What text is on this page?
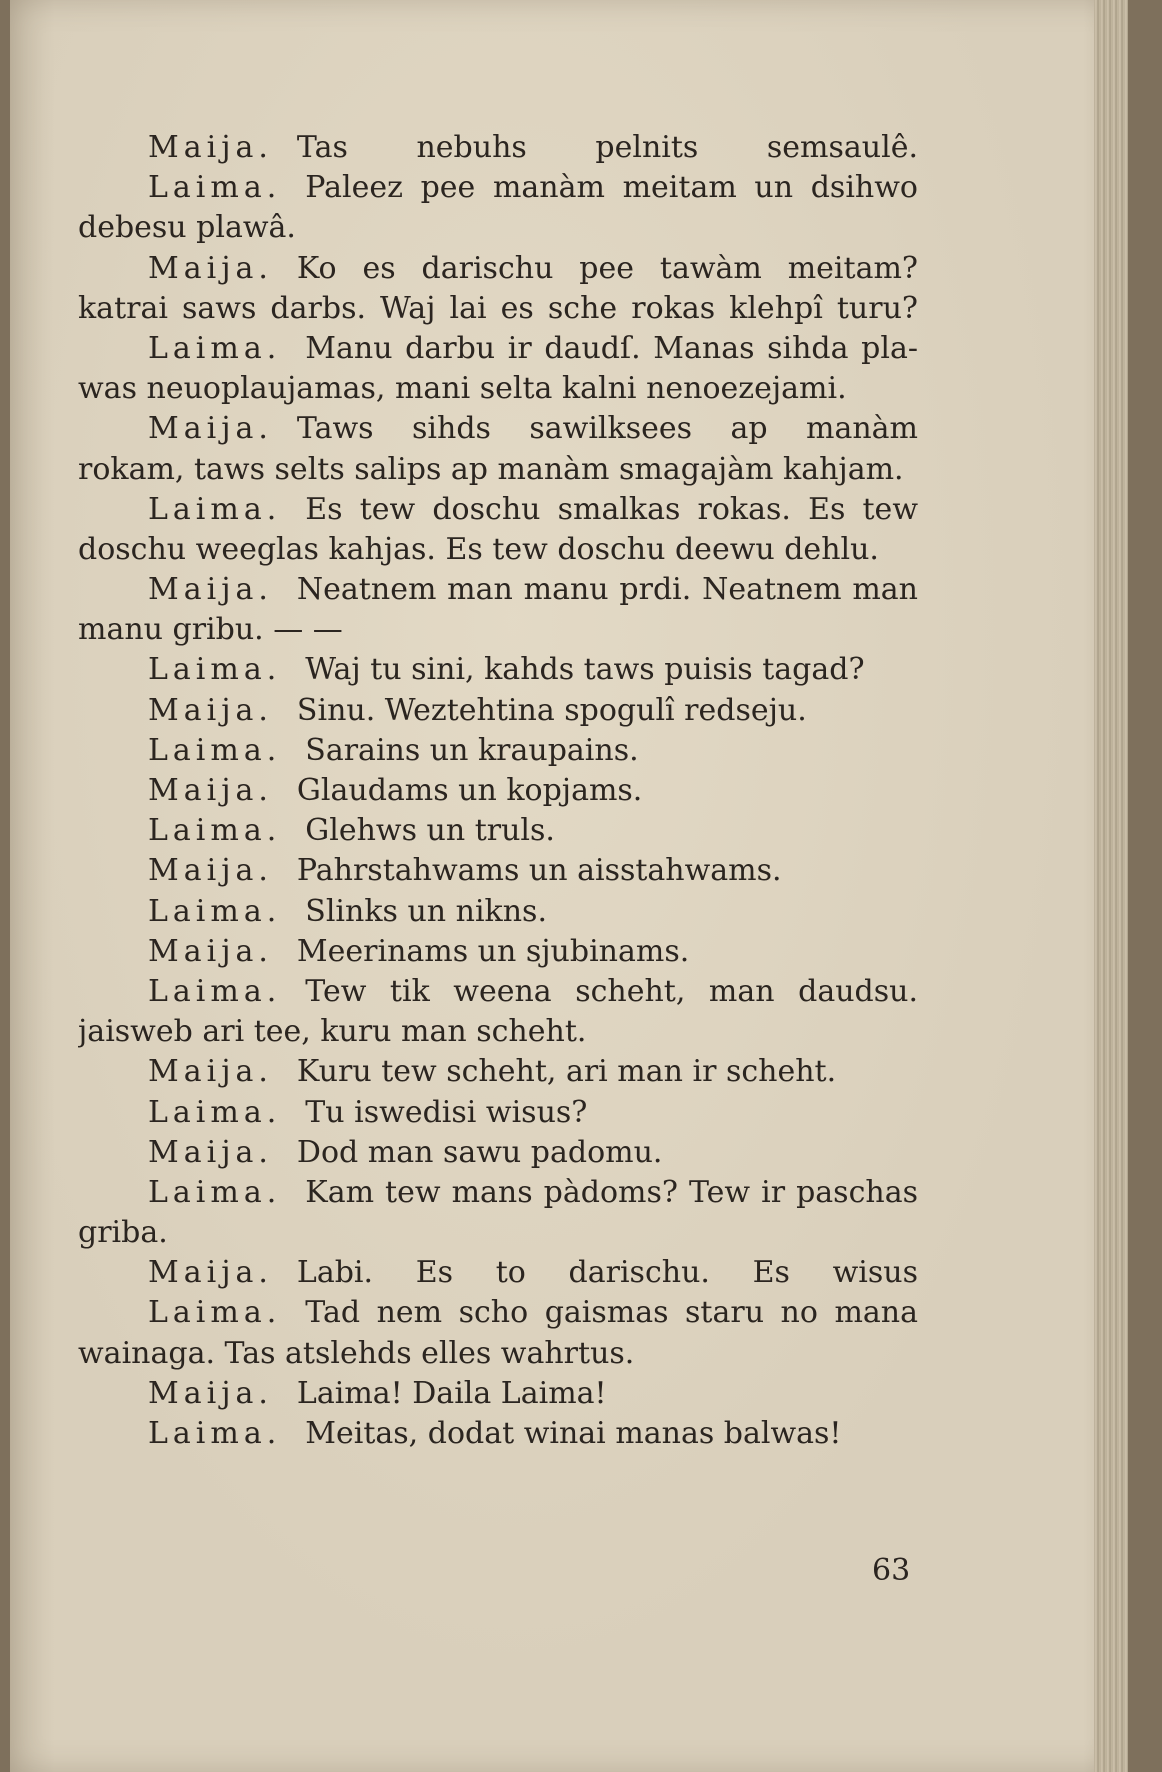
Maija. Tas nebuhs pelnits semsaulê.
Laima. Paleez pee manàm meitam un dsihwo
debesu plawâ.
Maija. Ko es darischu pee tawàm meitam?
katrai saws darbs. Waj lai es sche rokas klehpî turu?
Laima. Manu darbu ir daudſ. Manas sihda pla-
was neuoplaujamas, mani selta kalni nenoezejami.
Maija. Taws sihds sawilksees ap manàm
rokam, taws selts salips ap manàm smagajàm kahjam.
Laima. Es tew doschu smalkas rokas. Es tew
doschu weeglas kahjas. Es tew doschu deewu dehlu.
Maija. Neatnem man manu prdi. Neatnem man
manu gribu. — —
Laima. Waj tu sini, kahds taws puisis tagad?
Maija. Sinu. Weztehtina spogulî redseju.
Laima. Sarains un kraupains.
Maija. Glaudams un kopjams.
Laima. Glehws un truls.
Maija. Pahrstahwams un aisstahwams.
Laima. Slinks un nikns.
Maija. Meerinams un sjubinams.
Laima. Tew tik weena scheht, man daudsu.
jaisweb ari tee, kuru man scheht.
Maija. Kuru tew scheht, ari man ir scheht.
Laima. Tu iswedisi wisus?
Maija. Dod man sawu padomu.
Laima. Kam tew mans pàdoms? Tew ir paschas
griba.
Maija. Labi. Es to darischu. Es wisus
Laima. Tad nem scho gaismas staru no mana
wainaga. Tas atslehds elles wahrtus.
Maija. Laima! Daila Laima!
Laima. Meitas, dodat winai manas balwas!
63
